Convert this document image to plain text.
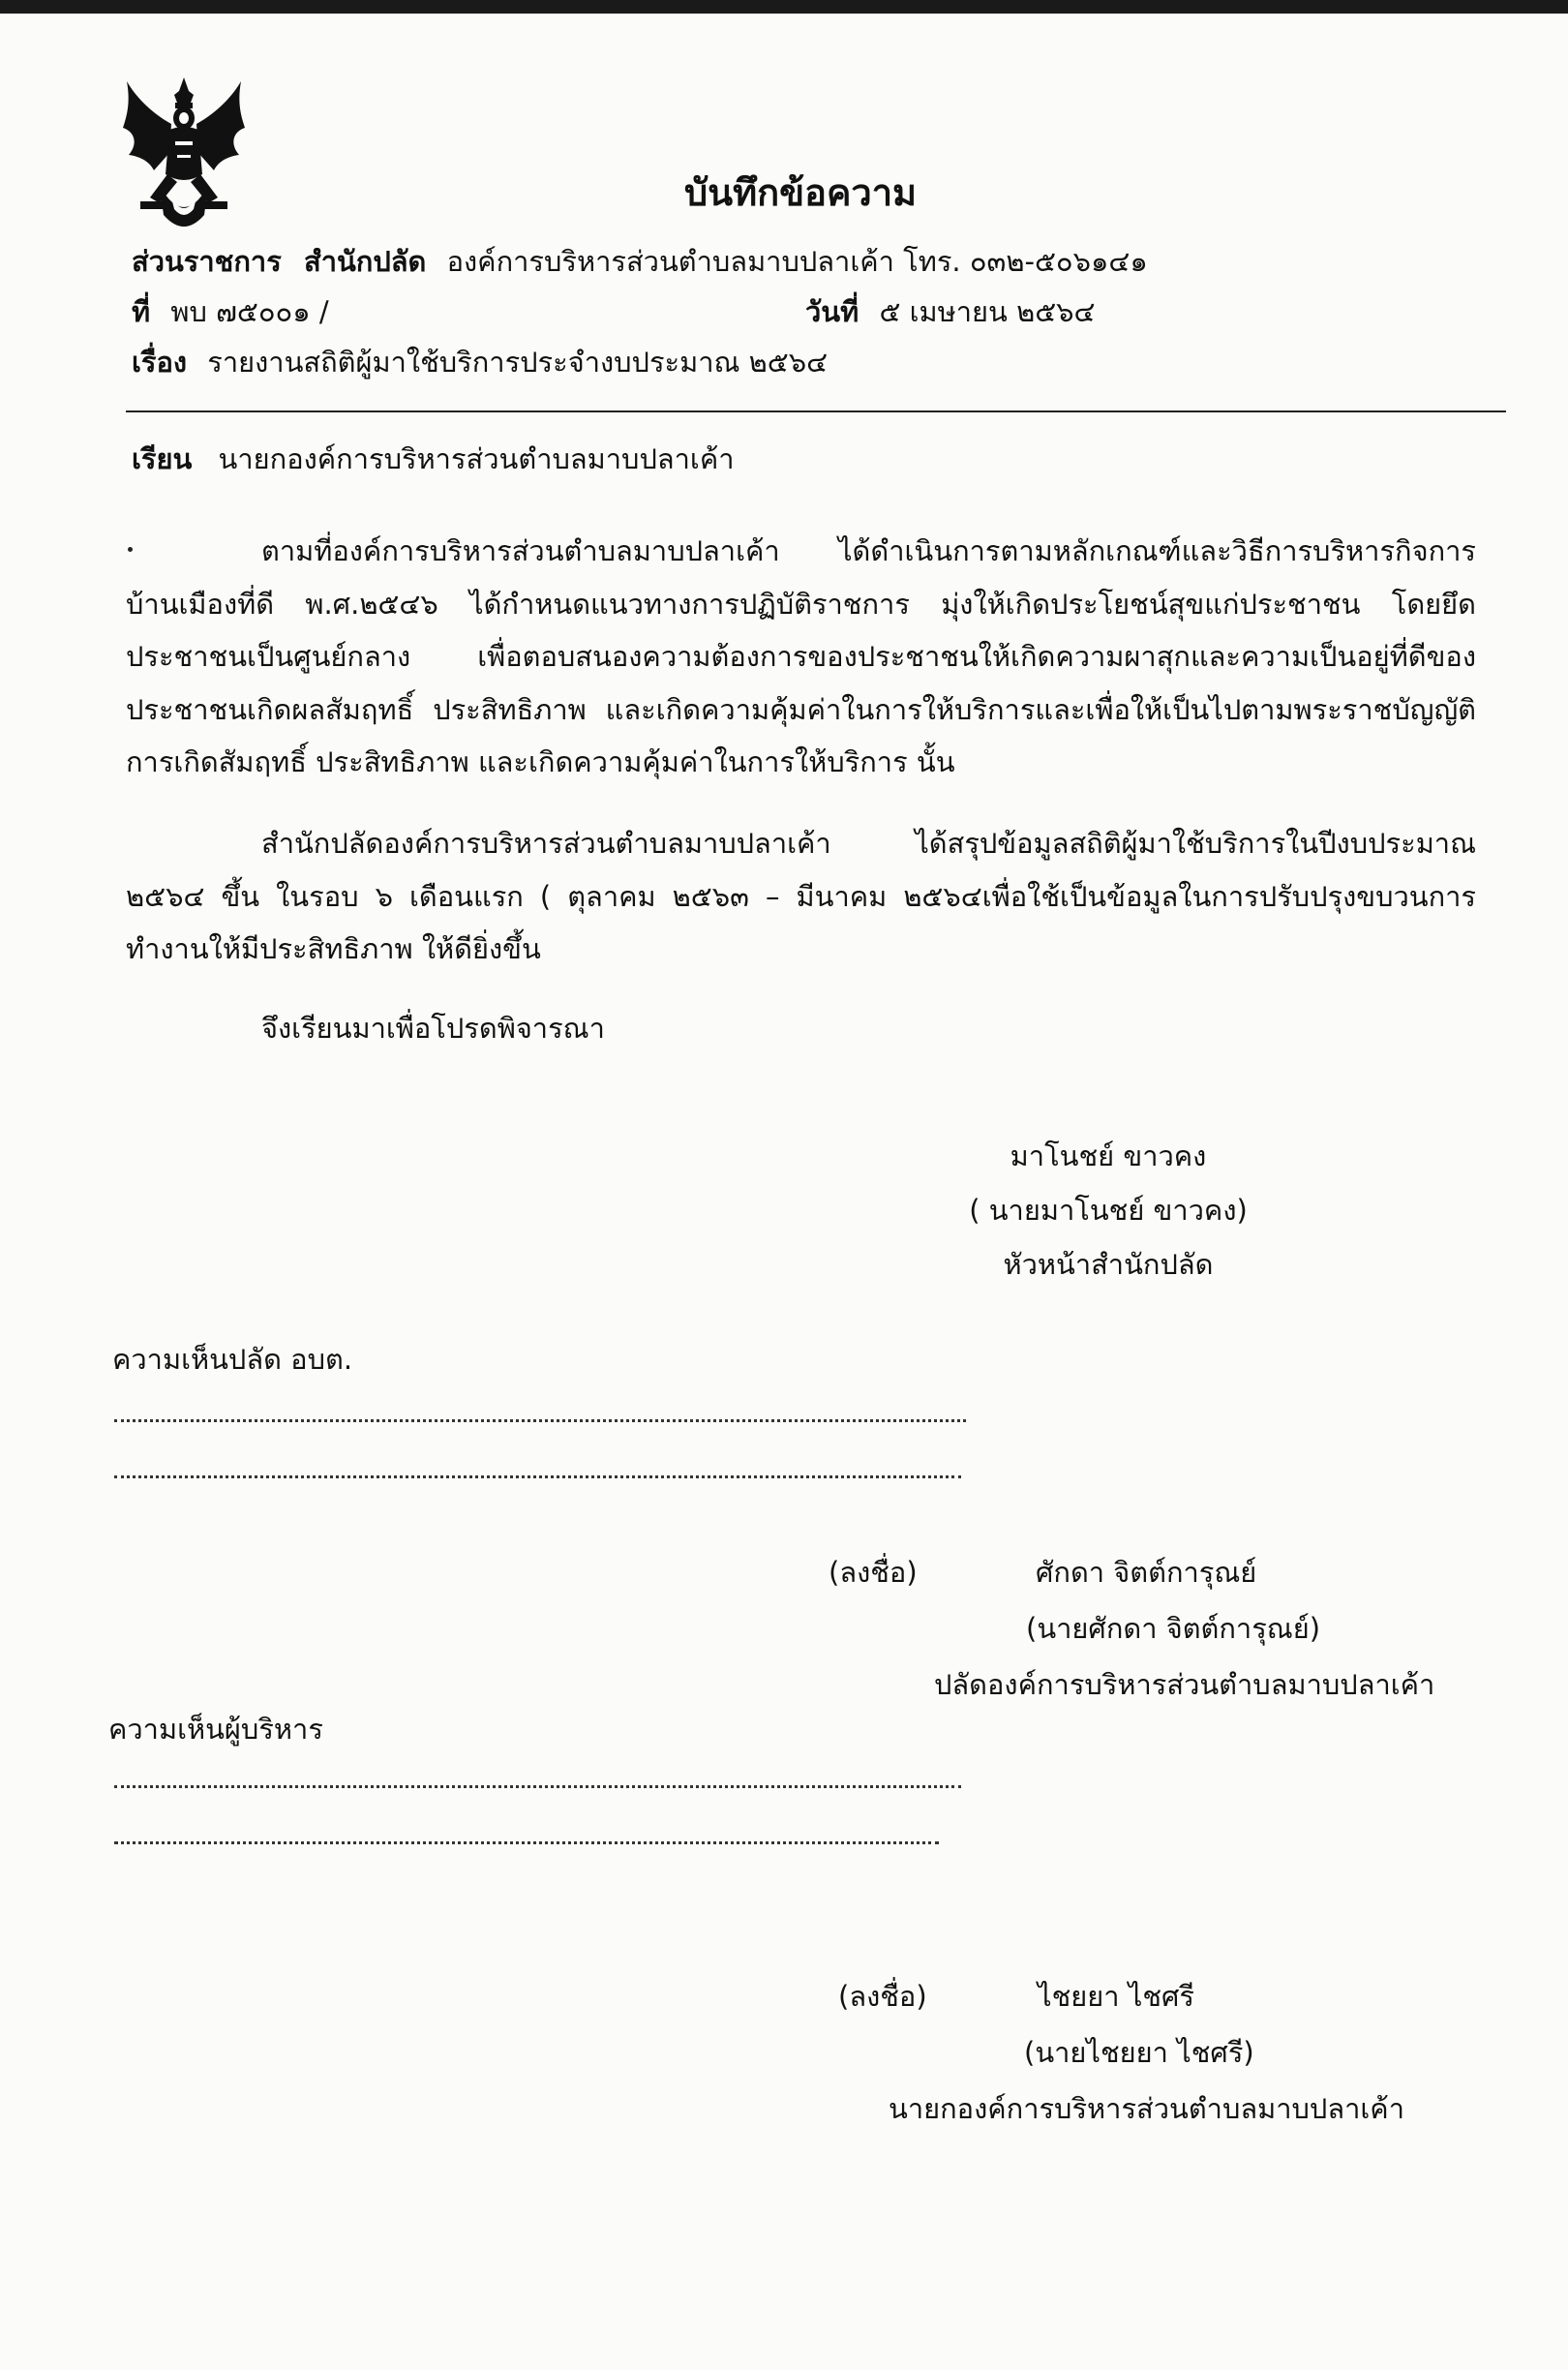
บันทึกข้อความ
ส่วนราชการ สำนักปลัด องค์การบริหารส่วนตำบลมาบปลาเค้า โทร. ๐๓๒-๕๐๖๑๔๑
ที่ พบ ๗๕๐๐๑ /	วันที่ ๕ เมษายน ๒๕๖๔
เรื่อง รายงานสถิติผู้มาใช้บริการประจำงบประมาณ ๒๕๖๔
เรียน นายกองค์การบริหารส่วนตำบลมาบปลาเค้า
ตามที่องค์การบริหารส่วนตำบลมาบปลาเค้า ได้ดำเนินการตามหลักเกณฑ์และวิธีการบริหารกิจการบ้านเมืองที่ดี พ.ศ.๒๕๔๖ ได้กำหนดแนวทางการปฏิบัติราชการ มุ่งให้เกิดประโยชน์สุขแก่ประชาชน โดยยึดประชาชนเป็นศูนย์กลาง เพื่อตอบสนองความต้องการของประชาชนให้เกิดความผาสุกและความเป็นอยู่ที่ดีของประชาชนเกิดผลสัมฤทธิ์ ประสิทธิภาพ และเกิดความคุ้มค่าในการให้บริการและเพื่อให้เป็นไปตามพระราชบัญญัติการเกิดสัมฤทธิ์ ประสิทธิภาพ และเกิดความคุ้มค่าในการให้บริการ นั้น
สำนักปลัดองค์การบริหารส่วนตำบลมาบปลาเค้า ได้สรุปข้อมูลสถิติผู้มาใช้บริการในปีงบประมาณ ๒๕๖๔ ขึ้น ในรอบ ๖ เดือนแรก ( ตุลาคม ๒๕๖๓ – มีนาคม ๒๕๖๔เพื่อใช้เป็นข้อมูลในการปรับปรุงขบวนการทำงานให้มีประสิทธิภาพ ให้ดียิ่งขึ้น
จึงเรียนมาเพื่อโปรดพิจารณา
มาโนชย์ ขาวคง
( นายมาโนชย์ ขาวคง)
หัวหน้าสำนักปลัด
ความเห็นปลัด อบต.
(ลงชื่อ)	ศักดา จิตต์การุณย์
(นายศักดา จิตต์การุณย์)
ปลัดองค์การบริหารส่วนตำบลมาบปลาเค้า
ความเห็นผู้บริหาร
(ลงชื่อ)	ไชยยา ไชศรี
(นายไชยยา ไชศรี)
นายกองค์การบริหารส่วนตำบลมาบปลาเค้า
